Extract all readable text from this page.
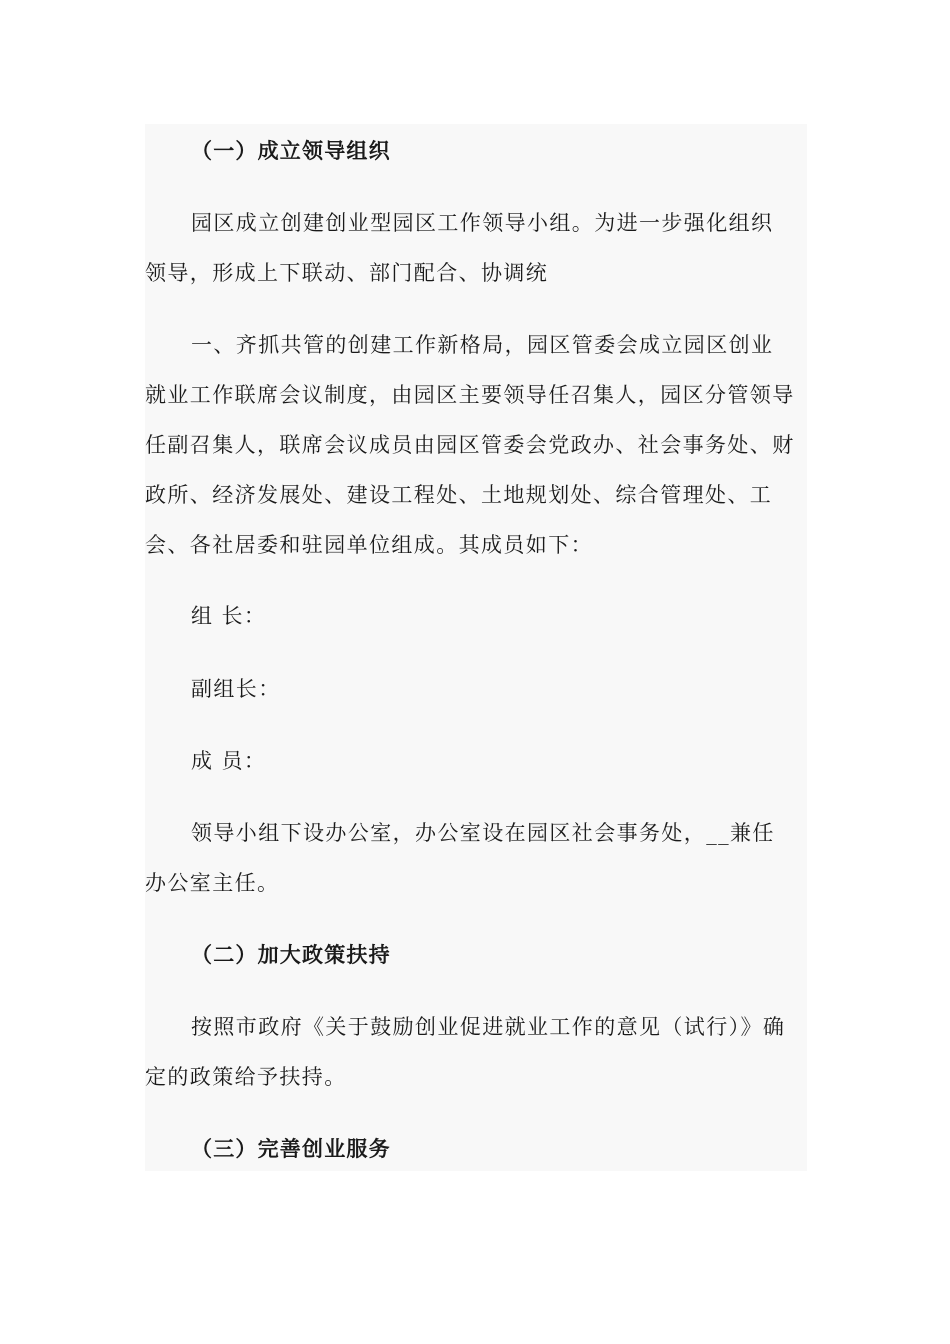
（一）成立领导组织

园区成立创建创业型园区工作领导小组。为进一步强化组织领导，形成上下联动、部门配合、协调统

一、齐抓共管的创建工作新格局，园区管委会成立园区创业就业工作联席会议制度，由园区主要领导任召集人，园区分管领导任副召集人，联席会议成员由园区管委会党政办、社会事务处、财政所、经济发展处、建设工程处、土地规划处、综合管理处、工会、各社居委和驻园单位组成。其成员如下：

组 长：

副组长：

成 员：

领导小组下设办公室，办公室设在园区社会事务处，__兼任办公室主任。

（二）加大政策扶持

按照市政府《关于鼓励创业促进就业工作的意见（试行）》确定的政策给予扶持。

（三）完善创业服务
